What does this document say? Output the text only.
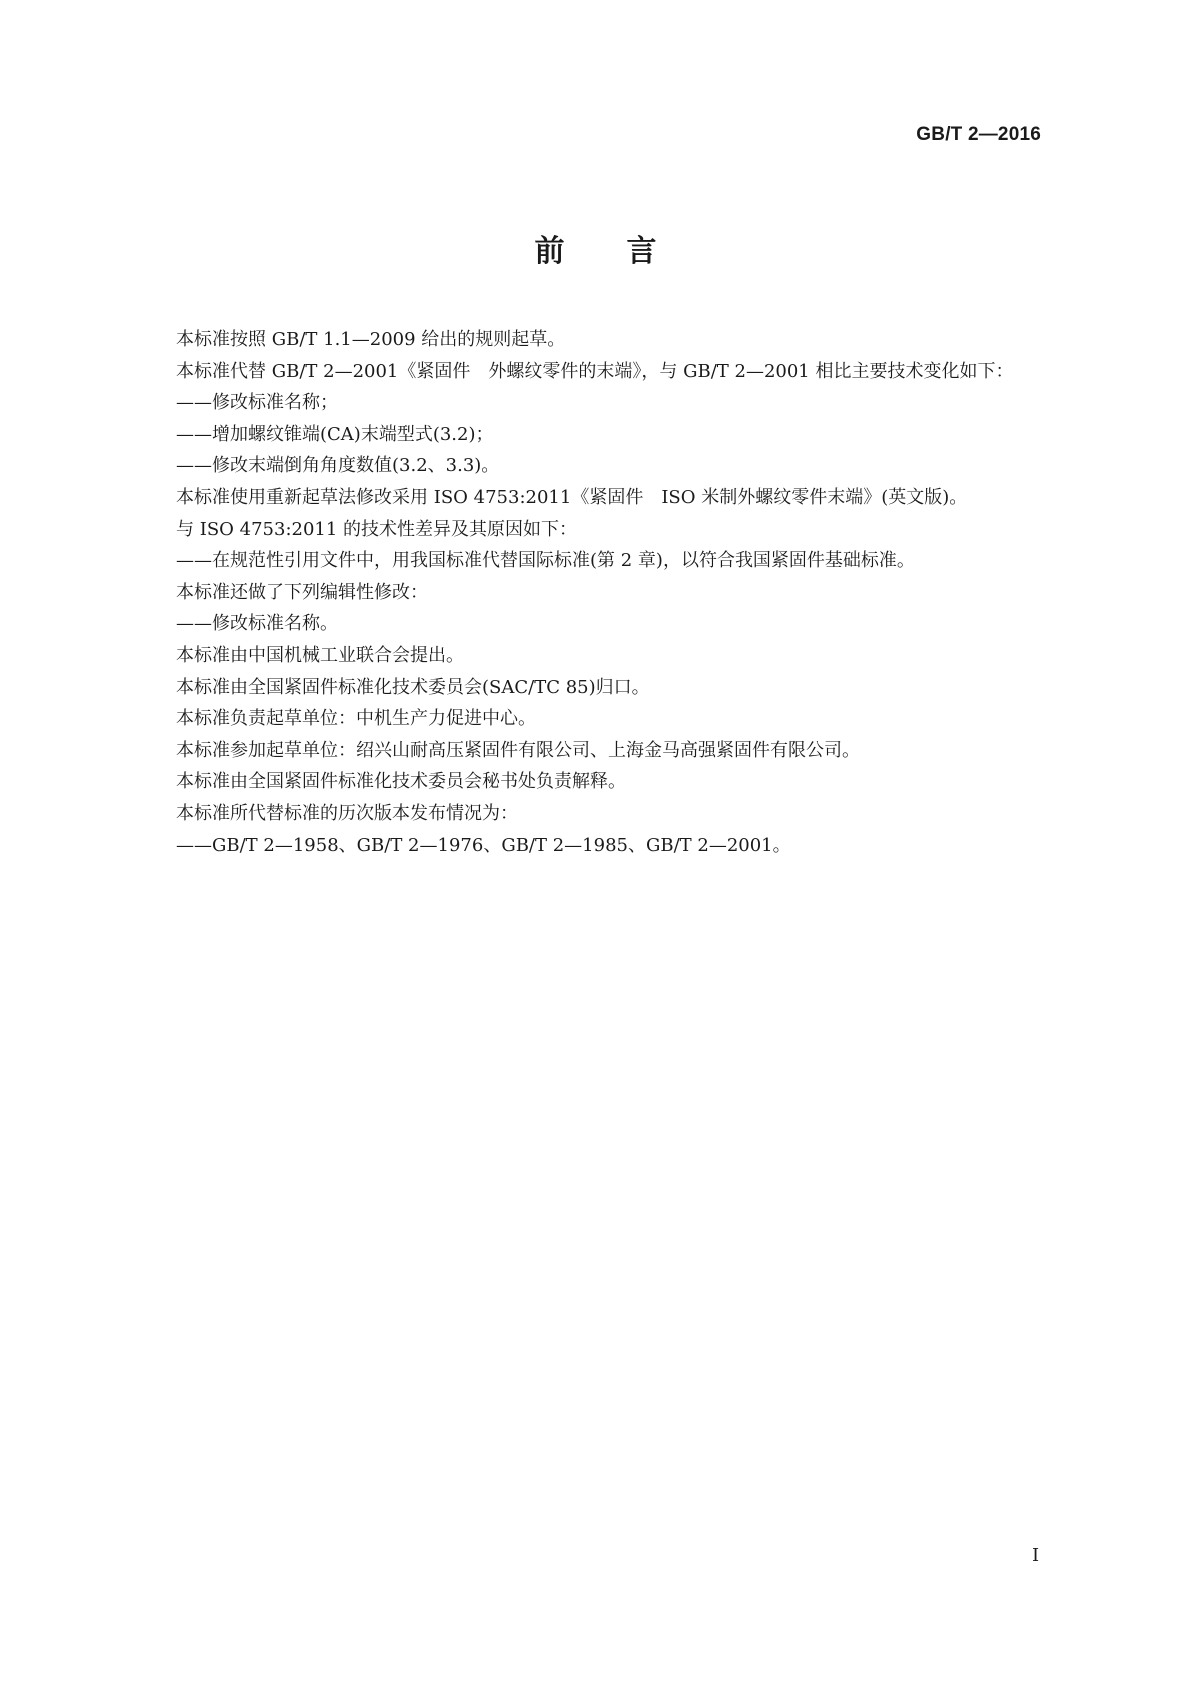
GB/T 2—2016
前言

本标准按照 GB/T 1.1—2009 给出的规则起草。

本标准代替 GB/T 2—2001《紧固件　外螺纹零件的末端》，与 GB/T 2—2001 相比主要技术变化如下：

——修改标准名称；

——增加螺纹锥端(CA)末端型式(3.2)；

——修改末端倒角角度数值(3.2、3.3)。

本标准使用重新起草法修改采用 ISO 4753:2011《紧固件　ISO 米制外螺纹零件末端》(英文版)。

与 ISO 4753:2011 的技术性差异及其原因如下：

——在规范性引用文件中，用我国标准代替国际标准(第 2 章)，以符合我国紧固件基础标准。

本标准还做了下列编辑性修改：

——修改标准名称。

本标准由中国机械工业联合会提出。

本标准由全国紧固件标准化技术委员会(SAC/TC 85)归口。

本标准负责起草单位：中机生产力促进中心。

本标准参加起草单位：绍兴山耐高压紧固件有限公司、上海金马高强紧固件有限公司。

本标准由全国紧固件标准化技术委员会秘书处负责解释。

本标准所代替标准的历次版本发布情况为：

——GB/T 2—1958、GB/T 2—1976、GB/T 2—1985、GB/T 2—2001。

I
